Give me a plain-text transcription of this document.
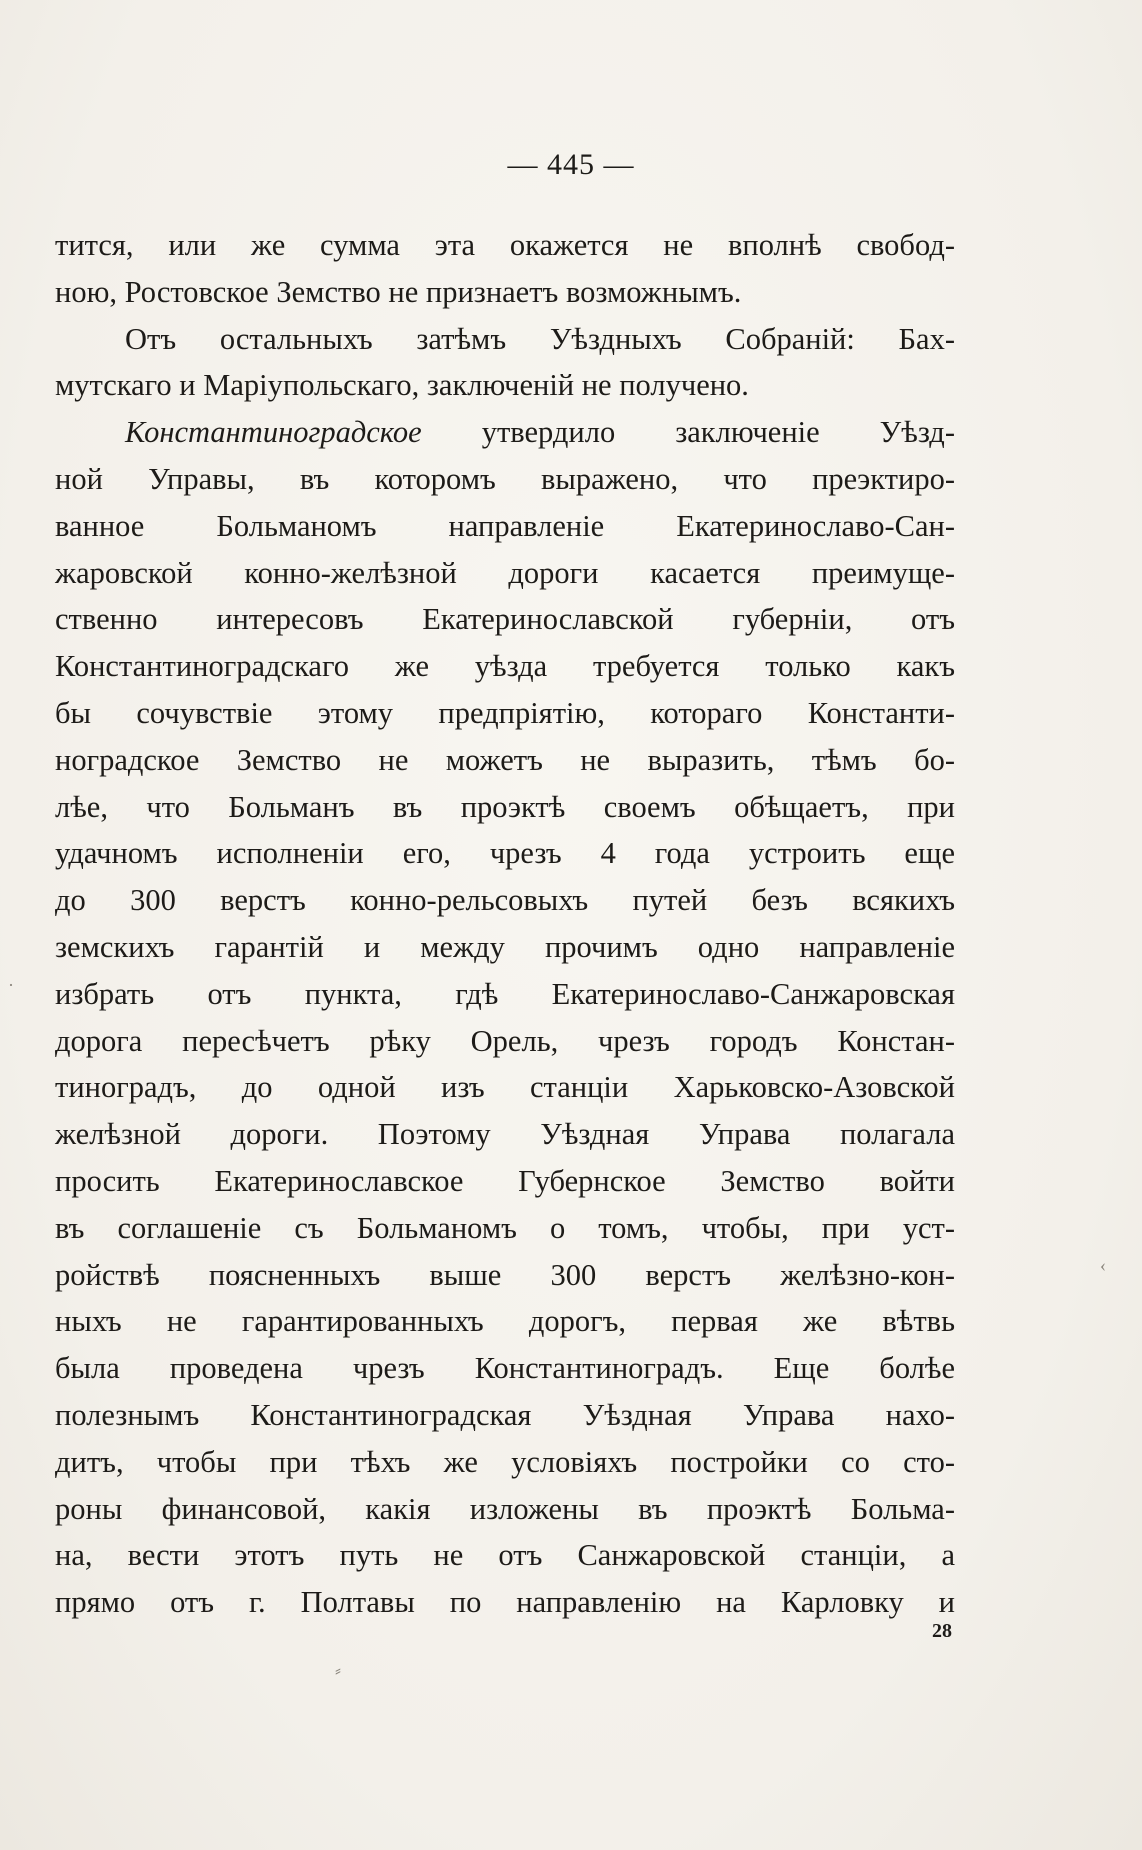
— 445 —
тится, или же сумма эта окажется не вполнѣ свобод-
ною, Ростовское Земство не признаетъ возможнымъ.
Отъ остальныхъ затѣмъ Уѣздныхъ Собраній: Бах-
мутскаго и Маріупольскаго, заключеній не получено.
Константиноградское утвердило заключеніе Уѣзд-
ной Управы, въ которомъ выражено, что преэктиро-
ванное Больманомъ направленіе Екатеринославо-Сан-
жаровской конно-желѣзной дороги касается преимуще-
ственно интересовъ Екатеринославской губерніи, отъ
Константиноградскаго же уѣзда требуется только какъ
бы сочувствіе этому предпріятію, котораго Константи-
ноградское Земство не можетъ не выразить, тѣмъ бо-
лѣе, что Больманъ въ проэктѣ своемъ обѣщаетъ, при
удачномъ исполненіи его, чрезъ 4 года устроить еще
до 300 верстъ конно-рельсовыхъ путей безъ всякихъ
земскихъ гарантій и между прочимъ одно направленіе
избрать отъ пункта, гдѣ Екатеринославо-Санжаровская
дорога пересѣчетъ рѣку Орель, чрезъ городъ Констан-
тиноградъ, до одной изъ станціи Харьковско-Азовской
желѣзной дороги. Поэтому Уѣздная Управа полагала
просить Екатеринославское Губернское Земство войти
въ соглашеніе съ Больманомъ о томъ, чтобы, при уст-
ройствѣ поясненныхъ выше 300 верстъ желѣзно-кон-
ныхъ не гарантированныхъ дорогъ, первая же вѣтвь
была проведена чрезъ Константиноградъ. Еще болѣе
полезнымъ Константиноградская Уѣздная Управа нахо-
дитъ, чтобы при тѣхъ же условіяхъ постройки со сто-
роны финансовой, какія изложены въ проэктѣ Больма-
на, вести этотъ путь не отъ Санжаровской станціи, а
прямо отъ г. Полтавы по направленію на Карловку и
28
·
‹
⸗
